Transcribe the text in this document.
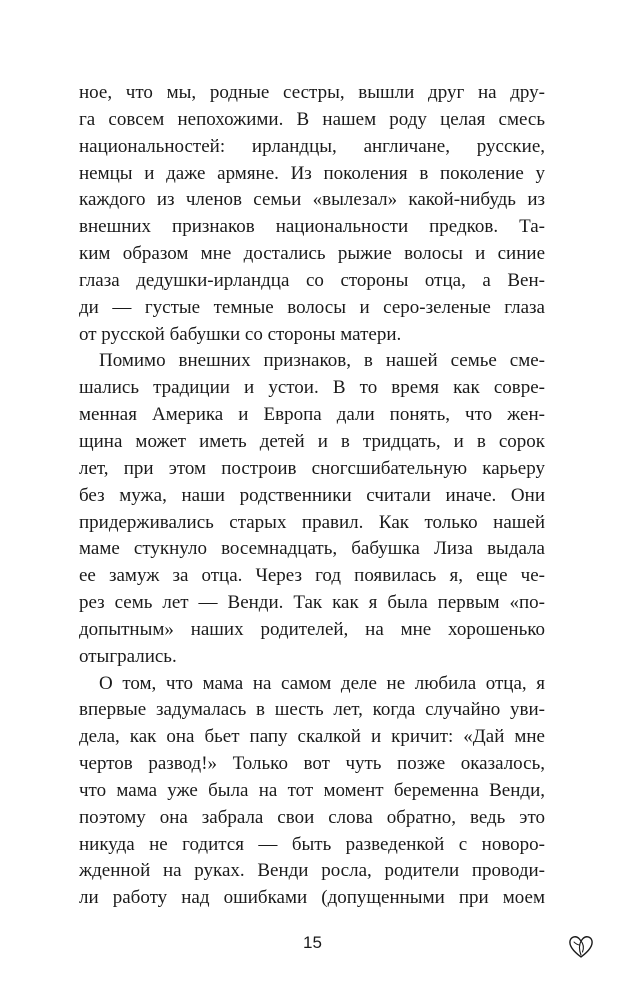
ное, что мы, родные сестры, вышли друг на дру-
га совсем непохожими. В нашем роду целая смесь
национальностей: ирландцы, англичане, русские,
немцы и даже армяне. Из поколения в поколение у
каждого из членов семьи «вылезал» какой-нибудь из
внешних признаков национальности предков. Та-
ким образом мне достались рыжие волосы и синие
глаза дедушки-ирландца со стороны отца, а Вен-
ди — густые темные волосы и серо-зеленые глаза
от русской бабушки со стороны матери.
Помимо внешних признаков, в нашей семье сме-
шались традиции и устои. В то время как совре-
менная Америка и Европа дали понять, что жен-
щина может иметь детей и в тридцать, и в сорок
лет, при этом построив сногсшибательную карьеру
без мужа, наши родственники считали иначе. Они
придерживались старых правил. Как только нашей
маме стукнуло восемнадцать, бабушка Лиза выдала
ее замуж за отца. Через год появилась я, еще че-
рез семь лет — Венди. Так как я была первым «по-
допытным» наших родителей, на мне хорошенько
отыгрались.
О том, что мама на самом деле не любила отца, я
впервые задумалась в шесть лет, когда случайно уви-
дела, как она бьет папу скалкой и кричит: «Дай мне
чертов развод!» Только вот чуть позже оказалось,
что мама уже была на тот момент беременна Венди,
поэтому она забрала свои слова обратно, ведь это
никуда не годится — быть разведенкой с новоро-
жденной на руках. Венди росла, родители проводи-
ли работу над ошибками (допущенными при моем
15
